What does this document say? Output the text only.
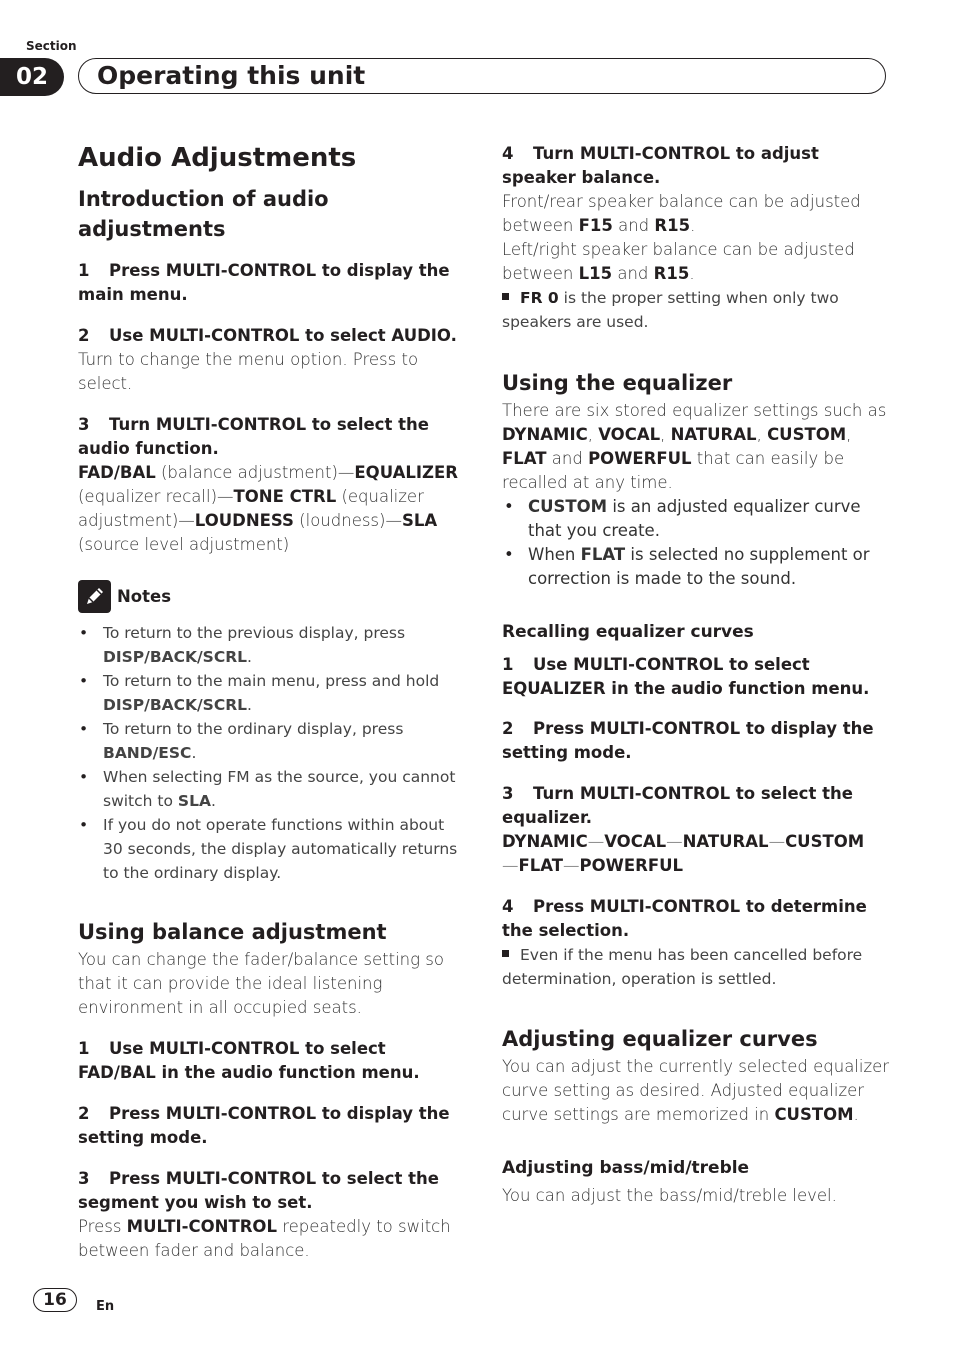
Section
02	Operating this unit
Audio Adjustments
Introduction of audio adjustments

1 Press MULTI-CONTROL to display the main menu.

2 Use MULTI-CONTROL to select AUDIO.

Turn to change the menu option. Press to select.

3 Turn MULTI-CONTROL to select the audio function.

FAD/BAL (balance adjustment)—EQUALIZER (equalizer recall)—TONE CTRL (equalizer adjustment)—LOUDNESS (loudness)—SLA (source level adjustment)

Notes
• To return to the previous display, press DISP/BACK/SCRL.
• To return to the main menu, press and hold DISP/BACK/SCRL.
• To return to the ordinary display, press BAND/ESC.
• When selecting FM as the source, you cannot switch to SLA.
• If you do not operate functions within about 30 seconds, the display automatically returns to the ordinary display.
Using balance adjustment

You can change the fader/balance setting so that it can provide the ideal listening environment in all occupied seats.

1 Use MULTI-CONTROL to select FAD/BAL in the audio function menu.

2 Press MULTI-CONTROL to display the setting mode.

3 Press MULTI-CONTROL to select the segment you wish to set.

Press MULTI-CONTROL repeatedly to switch between fader and balance.

4 Turn MULTI-CONTROL to adjust speaker balance.

Front/rear speaker balance can be adjusted between F15 and R15.

Left/right speaker balance can be adjusted between L15 and R15.

FR 0 is the proper setting when only two speakers are used.

Using the equalizer

There are six stored equalizer settings such as DYNAMIC, VOCAL, NATURAL, CUSTOM, FLAT and POWERFUL that can easily be recalled at any time.

• CUSTOM is an adjusted equalizer curve that you create.
• When FLAT is selected no supplement or correction is made to the sound.
Recalling equalizer curves

1 Use MULTI-CONTROL to select EQUALIZER in the audio function menu.

2 Press MULTI-CONTROL to display the setting mode.

3 Turn MULTI-CONTROL to select the equalizer.

DYNAMIC—VOCAL—NATURAL—CUSTOM
—FLAT—POWERFUL

4 Press MULTI-CONTROL to determine the selection.

Even if the menu has been cancelled before determination, operation is settled.

Adjusting equalizer curves

You can adjust the currently selected equalizer curve setting as desired. Adjusted equalizer curve settings are memorized in CUSTOM.

Adjusting bass/mid/treble

You can adjust the bass/mid/treble level.

16	En
